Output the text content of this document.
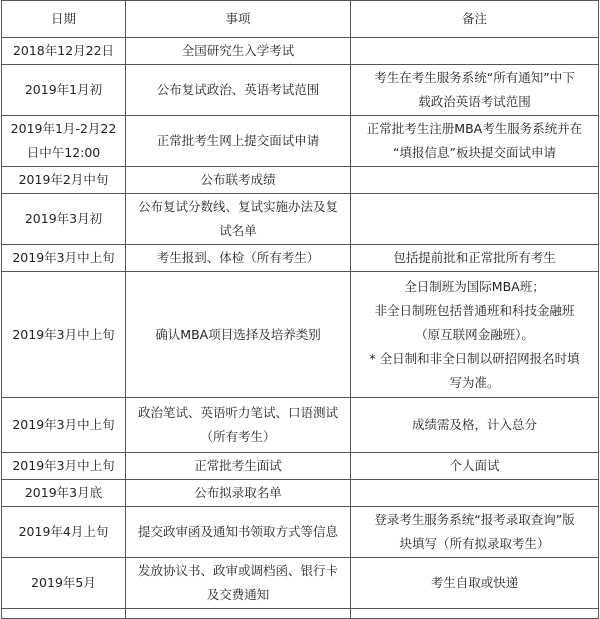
日期	事项	备注

2018年12月22日	全国研究生入学考试	

2019年1月初	公布复试政治、英语考试范围	考生在考生服务系统“所有通知”中下
载政治英语考试范围

2019年1月-2月22
日中午12:00	正常批考生网上提交面试申请	正常批考生注册MBA考生服务系统并在
“填报信息”板块提交面试申请

2019年2月中旬	公布联考成绩	

2019年3月初	公布复试分数线、复试实施办法及复
试名单	

2019年3月中上旬	考生报到、体检（所有考生）	包括提前批和正常批所有考生

2019年3月中上旬	确认MBA项目选择及培养类别	全日制班为国际MBA班；
非全日制班包括普通班和科技金融班
（原互联网金融班）。
* 全日制和非全日制以研招网报名时填
写为准。

2019年3月中上旬	政治笔试、英语听力笔试、口语测试
（所有考生）	成绩需及格，计入总分

2019年3月中上旬	正常批考生面试	个人面试

2019年3月底	公布拟录取名单	

2019年4月上旬	提交政审函及通知书领取方式等信息	登录考生服务系统“报考录取查询”版
块填写（所有拟录取考生）

2019年5月	发放协议书、政审或调档函、银行卡
及交费通知	考生自取或快递
